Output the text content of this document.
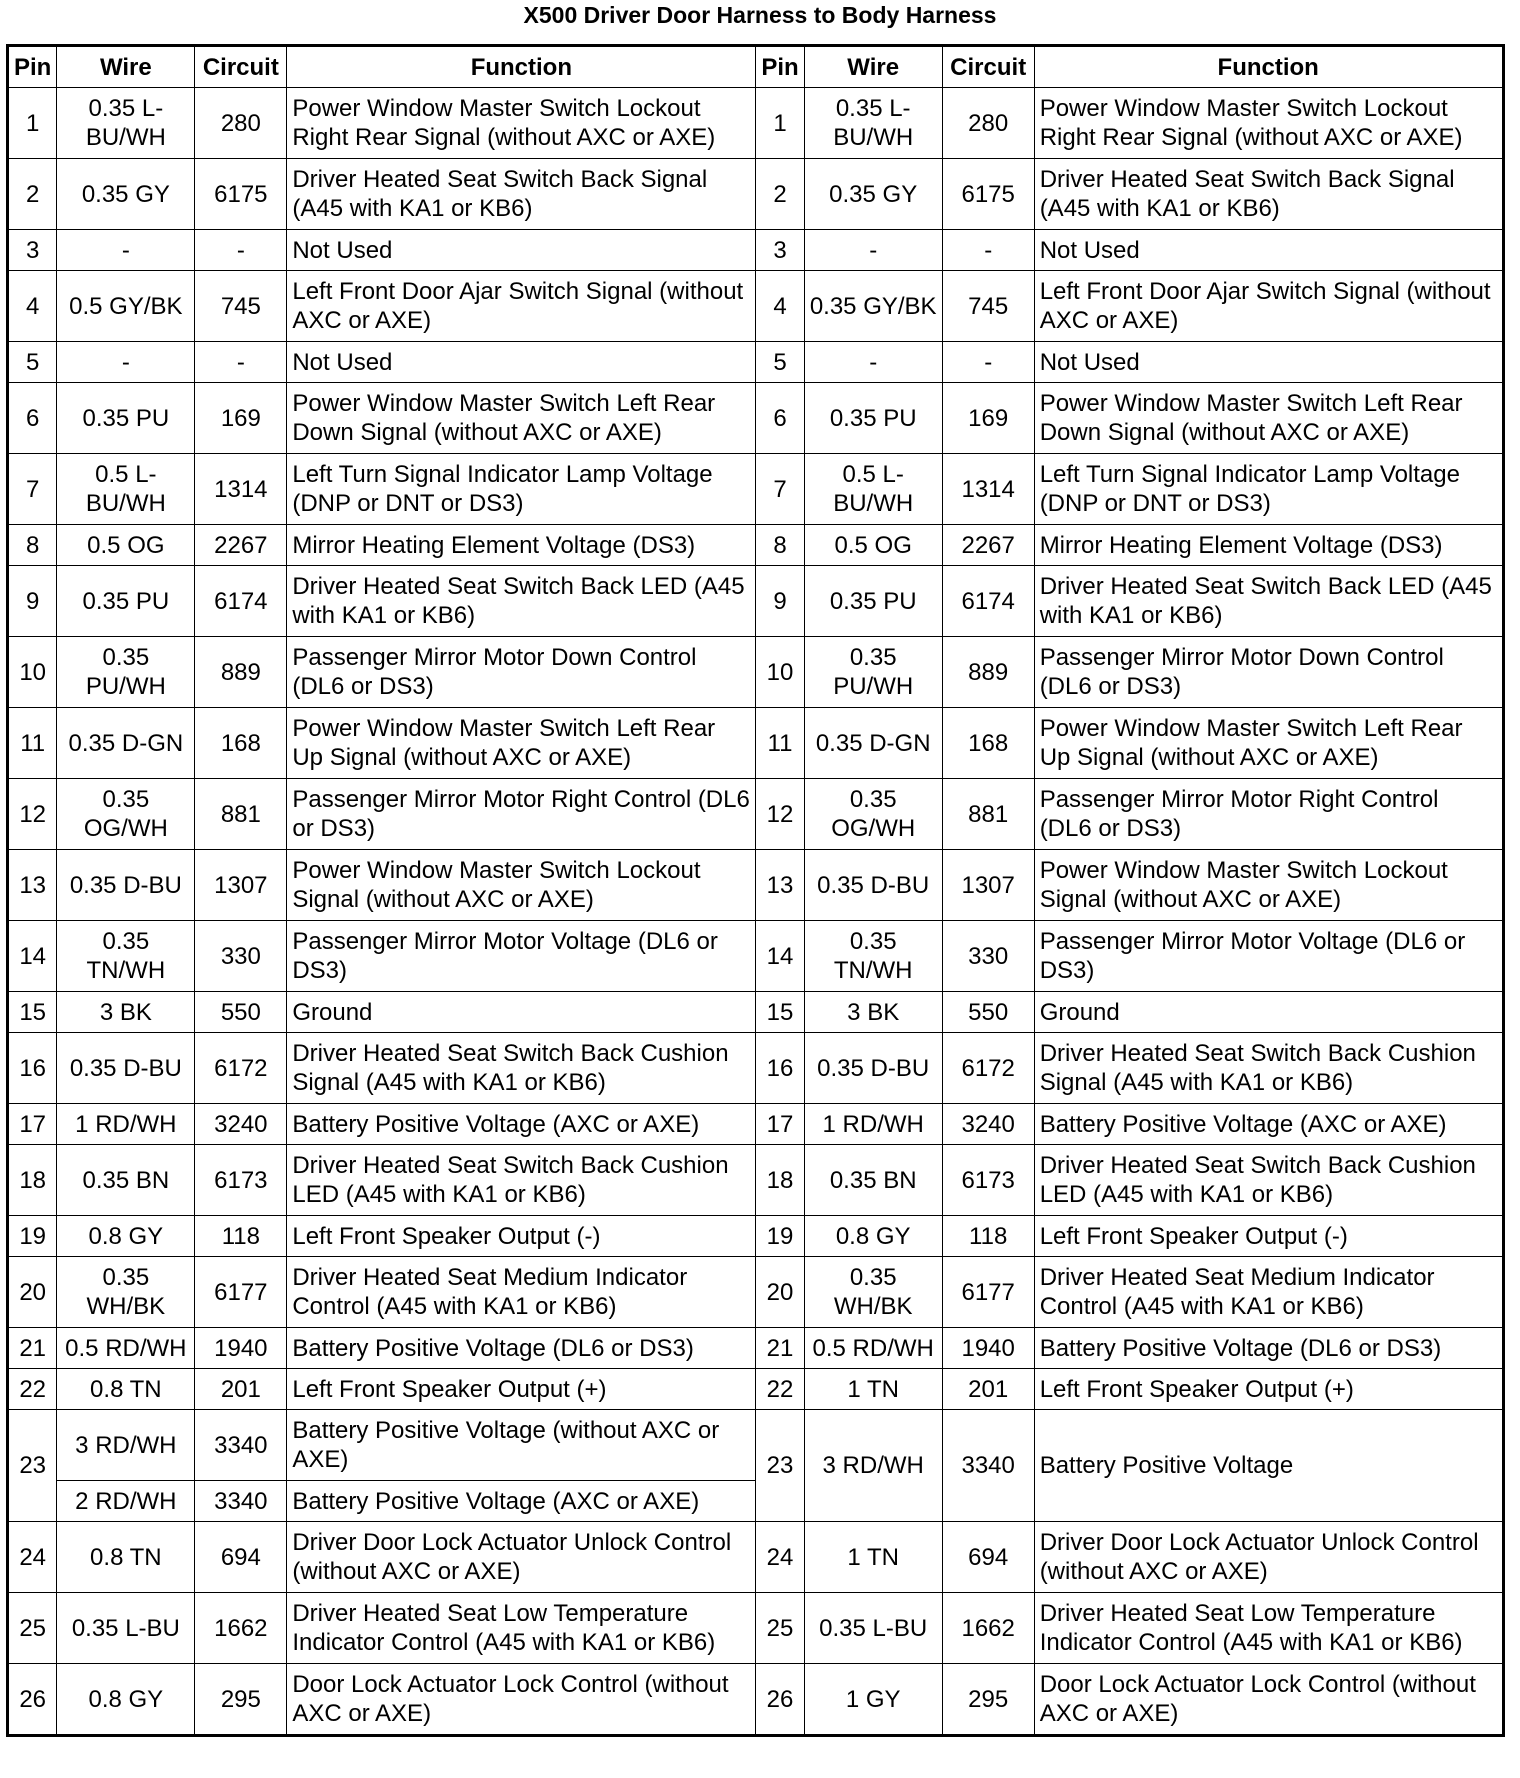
X500 Driver Door Harness to Body Harness
Pin	Wire	Circuit	Function	Pin	Wire	Circuit	Function
1	0.35 L-BU/WH	280	Power Window Master Switch Lockout Right Rear Signal (without AXC or AXE)	1	0.35 L-BU/WH	280	Power Window Master Switch Lockout Right Rear Signal (without AXC or AXE)
2	0.35 GY	6175	Driver Heated Seat Switch Back Signal (A45 with KA1 or KB6)	2	0.35 GY	6175	Driver Heated Seat Switch Back Signal (A45 with KA1 or KB6)
3	-	-	Not Used	3	-	-	Not Used
4	0.5 GY/BK	745	Left Front Door Ajar Switch Signal (without AXC or AXE)	4	0.35 GY/BK	745	Left Front Door Ajar Switch Signal (without AXC or AXE)
5	-	-	Not Used	5	-	-	Not Used
6	0.35 PU	169	Power Window Master Switch Left Rear Down Signal (without AXC or AXE)	6	0.35 PU	169	Power Window Master Switch Left Rear Down Signal (without AXC or AXE)
7	0.5 L-BU/WH	1314	Left Turn Signal Indicator Lamp Voltage (DNP or DNT or DS3)	7	0.5 L-BU/WH	1314	Left Turn Signal Indicator Lamp Voltage (DNP or DNT or DS3)
8	0.5 OG	2267	Mirror Heating Element Voltage (DS3)	8	0.5 OG	2267	Mirror Heating Element Voltage (DS3)
9	0.35 PU	6174	Driver Heated Seat Switch Back LED (A45 with KA1 or KB6)	9	0.35 PU	6174	Driver Heated Seat Switch Back LED (A45 with KA1 or KB6)
10	0.35 PU/WH	889	Passenger Mirror Motor Down Control (DL6 or DS3)	10	0.35 PU/WH	889	Passenger Mirror Motor Down Control (DL6 or DS3)
11	0.35 D-GN	168	Power Window Master Switch Left Rear Up Signal (without AXC or AXE)	11	0.35 D-GN	168	Power Window Master Switch Left Rear Up Signal (without AXC or AXE)
12	0.35 OG/WH	881	Passenger Mirror Motor Right Control (DL6 or DS3)	12	0.35 OG/WH	881	Passenger Mirror Motor Right Control (DL6 or DS3)
13	0.35 D-BU	1307	Power Window Master Switch Lockout Signal (without AXC or AXE)	13	0.35 D-BU	1307	Power Window Master Switch Lockout Signal (without AXC or AXE)
14	0.35 TN/WH	330	Passenger Mirror Motor Voltage (DL6 or DS3)	14	0.35 TN/WH	330	Passenger Mirror Motor Voltage (DL6 or DS3)
15	3 BK	550	Ground	15	3 BK	550	Ground
16	0.35 D-BU	6172	Driver Heated Seat Switch Back Cushion Signal (A45 with KA1 or KB6)	16	0.35 D-BU	6172	Driver Heated Seat Switch Back Cushion Signal (A45 with KA1 or KB6)
17	1 RD/WH	3240	Battery Positive Voltage (AXC or AXE)	17	1 RD/WH	3240	Battery Positive Voltage (AXC or AXE)
18	0.35 BN	6173	Driver Heated Seat Switch Back Cushion LED (A45 with KA1 or KB6)	18	0.35 BN	6173	Driver Heated Seat Switch Back Cushion LED (A45 with KA1 or KB6)
19	0.8 GY	118	Left Front Speaker Output (-)	19	0.8 GY	118	Left Front Speaker Output (-)
20	0.35 WH/BK	6177	Driver Heated Seat Medium Indicator Control (A45 with KA1 or KB6)	20	0.35 WH/BK	6177	Driver Heated Seat Medium Indicator Control (A45 with KA1 or KB6)
21	0.5 RD/WH	1940	Battery Positive Voltage (DL6 or DS3)	21	0.5 RD/WH	1940	Battery Positive Voltage (DL6 or DS3)
22	0.8 TN	201	Left Front Speaker Output (+)	22	1 TN	201	Left Front Speaker Output (+)
23	3 RD/WH	3340	Battery Positive Voltage (without AXC or AXE)	23	3 RD/WH	3340	Battery Positive Voltage
	2 RD/WH	3340	Battery Positive Voltage (AXC or AXE)				
24	0.8 TN	694	Driver Door Lock Actuator Unlock Control (without AXC or AXE)	24	1 TN	694	Driver Door Lock Actuator Unlock Control (without AXC or AXE)
25	0.35 L-BU	1662	Driver Heated Seat Low Temperature Indicator Control (A45 with KA1 or KB6)	25	0.35 L-BU	1662	Driver Heated Seat Low Temperature Indicator Control (A45 with KA1 or KB6)
26	0.8 GY	295	Door Lock Actuator Lock Control (without AXC or AXE)	26	1 GY	295	Door Lock Actuator Lock Control (without AXC or AXE)
